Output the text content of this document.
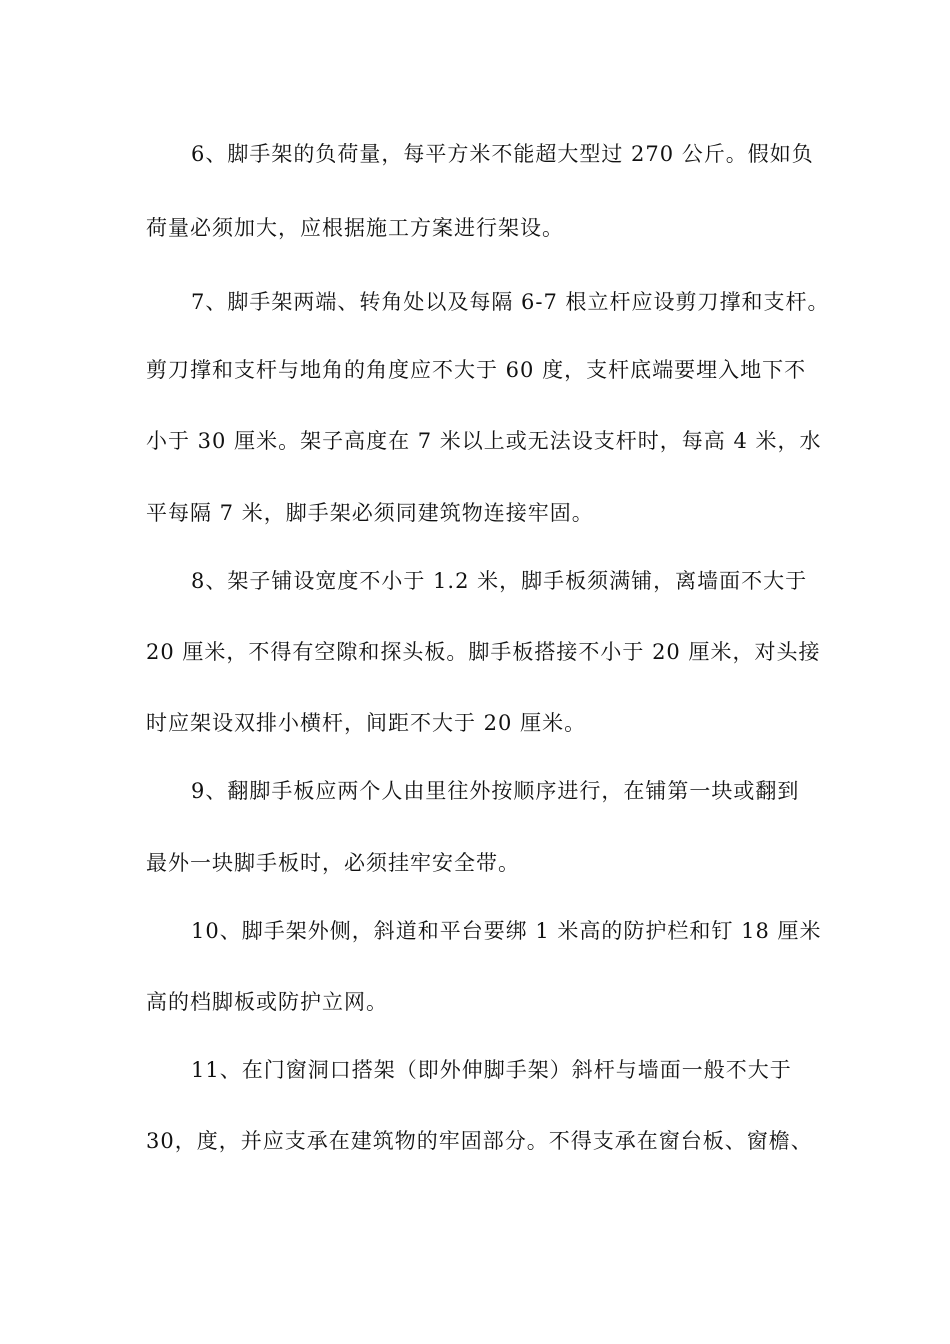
6、脚手架的负荷量，每平方米不能超大型过 270 公斤。假如负
荷量必须加大，应根据施工方案进行架设。
7、脚手架两端、转角处以及每隔 6-7 根立杆应设剪刀撑和支杆。
剪刀撑和支杆与地角的角度应不大于 60 度，支杆底端要埋入地下不
小于 30 厘米。架子高度在 7 米以上或无法设支杆时，每高 4 米，水
平每隔 7 米，脚手架必须同建筑物连接牢固。
8、架子铺设宽度不小于 1.2 米，脚手板须满铺，离墙面不大于
20 厘米，不得有空隙和探头板。脚手板搭接不小于 20 厘米，对头接
时应架设双排小横杆，间距不大于 20 厘米。
9、翻脚手板应两个人由里往外按顺序进行，在铺第一块或翻到
最外一块脚手板时，必须挂牢安全带。
10、脚手架外侧，斜道和平台要绑 1 米高的防护栏和钉 18 厘米
高的档脚板或防护立网。
11、在门窗洞口搭架（即外伸脚手架）斜杆与墙面一般不大于
30，度，并应支承在建筑物的牢固部分。不得支承在窗台板、窗檐、
